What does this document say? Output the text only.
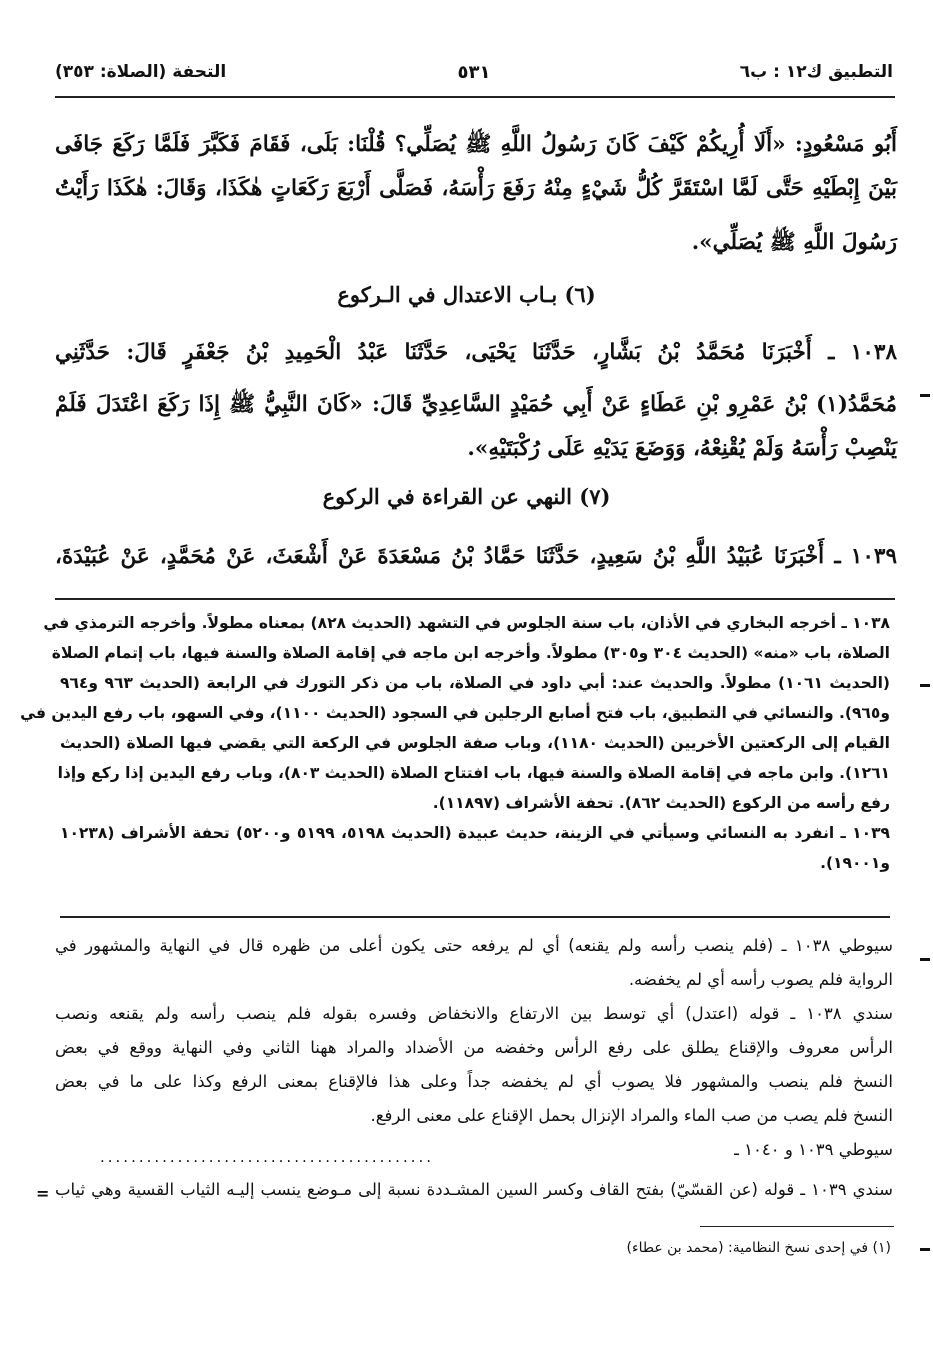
التطبيق ك١٢ : ب٦
٥٣١
التحفة (الصلاة: ٣٥٣)
أَبُو مَسْعُودٍ: «أَلَا أُرِيكُمْ كَيْفَ كَانَ رَسُولُ اللَّهِ ﷺ يُصَلِّي؟ قُلْنَا: بَلَى، فَقَامَ فَكَبَّرَ فَلَمَّا رَكَعَ جَافَى
بَيْنَ إِبْطَيْهِ حَتَّى لَمَّا اسْتَقَرَّ كُلُّ شَيْءٍ مِنْهُ رَفَعَ رَأْسَهُ، فَصَلَّى أَرْبَعَ رَكَعَاتٍ هٰكَذَا، وَقَالَ: هٰكَذَا رَأَيْتُ
رَسُولَ اللَّهِ ﷺ يُصَلِّي».
(٦) بـاب الاعتدال في الـركوع
١٠٣٨ ـ أَخْبَرَنَا مُحَمَّدُ بْنُ بَشَّارٍ، حَدَّثَنَا يَحْيَى، حَدَّثَنَا عَبْدُ الْحَمِيدِ بْنُ جَعْفَرٍ قَالَ: حَدَّثَنِي
مُحَمَّدُ(١) بْنُ عَمْرِو بْنِ عَطَاءٍ عَنْ أَبِي حُمَيْدٍ السَّاعِدِيِّ قَالَ: «كَانَ النَّبِيُّ ﷺ إِذَا رَكَعَ اعْتَدَلَ فَلَمْ
يَنْصِبْ رَأْسَهُ وَلَمْ يُقْنِعْهُ، وَوَضَعَ يَدَيْهِ عَلَى رُكْبَتَيْهِ».
(٧) النهي عن القراءة في الركوع
١٠٣٩ ـ أَخْبَرَنَا عُبَيْدُ اللَّهِ بْنُ سَعِيدٍ، حَدَّثَنَا حَمَّادُ بْنُ مَسْعَدَةَ عَنْ أَشْعَثَ، عَنْ مُحَمَّدٍ، عَنْ عُبَيْدَةَ،
١٠٣٨ ـ أخرجه البخاري في الأذان، باب سنة الجلوس في التشهد (الحديث ٨٢٨) بمعناه مطولاً. وأخرجه الترمذي في
الصلاة، باب «منه» (الحديث ٣٠٤ و٣٠٥) مطولاً. وأخرجه ابن ماجه في إقامة الصلاة والسنة فيها، باب إتمام الصلاة
(الحديث ١٠٦١) مطولاً. والحديث عند: أبي داود في الصلاة، باب من ذكر التورك في الرابعة (الحديث ٩٦٣ و٩٦٤
و٩٦٥). والنسائي في التطبيق، باب فتح أصابع الرجلين في السجود (الحديث ١١٠٠)، وفي السهو، باب رفع اليدين في
القيام إلى الركعتين الأخريين (الحديث ١١٨٠)، وباب صفة الجلوس في الركعة التي يقضي فيها الصلاة (الحديث
١٢٦١). وابن ماجه في إقامة الصلاة والسنة فيها، باب افتتاح الصلاة (الحديث ٨٠٣)، وباب رفع اليدين إذا ركع وإذا
رفع رأسه من الركوع (الحديث ٨٦٢). تحفة الأشراف (١١٨٩٧).
١٠٣٩ ـ انفرد به النسائي وسيأتي في الزينة، حديث عبيدة (الحديث ٥١٩٨، ٥١٩٩ و٥٢٠٠) تحفة الأشراف (١٠٢٣٨
و١٩٠٠١).
سيوطي ١٠٣٨ ـ (فلم ينصب رأسه ولم يقنعه) أي لم يرفعه حتى يكون أعلى من ظهره قال في النهاية والمشهور في
الرواية فلم يصوب رأسه أي لم يخفضه.
سندي ١٠٣٨ ـ قوله (اعتدل) أي توسط بين الارتفاع والانخفاض وفسره بقوله فلم ينصب رأسه ولم يقنعه ونصب
الرأس معروف والإقناع يطلق على رفع الرأس وخفضه من الأضداد والمراد ههنا الثاني وفي النهاية ووقع في بعض
النسخ فلم ينصب والمشهور فلا يصوب أي لم يخفضه جداً وعلى هذا فالإقناع بمعنى الرفع وكذا على ما في بعض
النسخ فلم يصب من صب الماء والمراد الإنزال بحمل الإقناع على معنى الرفع.
سيوطي ١٠٣٩ و ١٠٤٠ ـ
سندي ١٠٣٩ ـ قوله (عن القسّيّ) بفتح القاف وكسر السين المشـددة نسبة إلى مـوضع ينسب إليـه الثياب القسية وهي ثياب
...........................................
=
(١) في إحدى نسخ النظامية: (محمد بن عطاء)
